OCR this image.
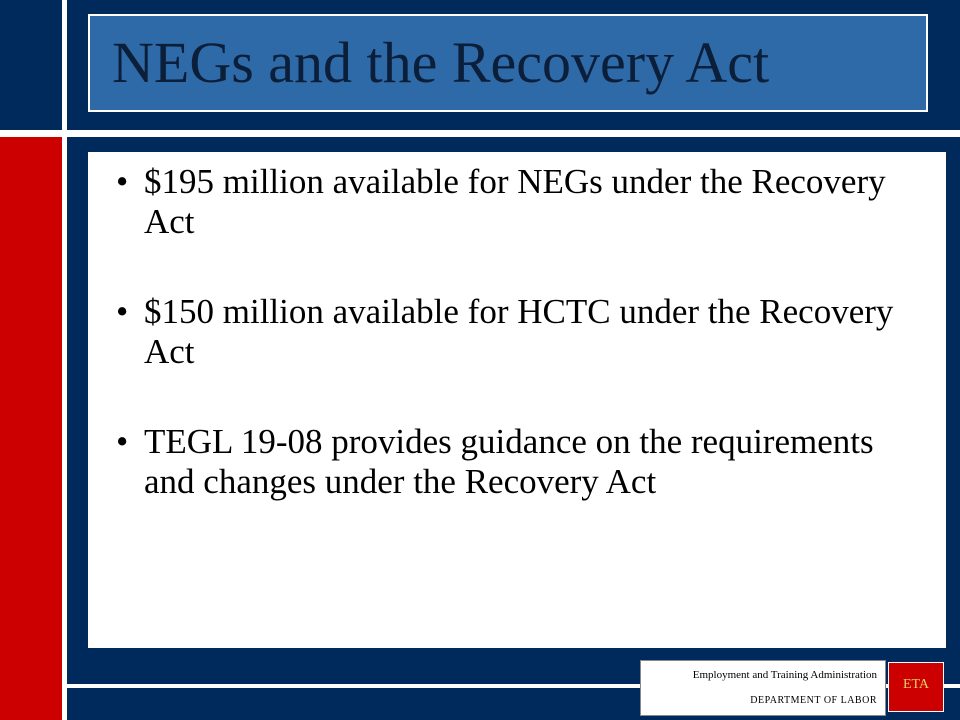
NEGs and the Recovery Act
• $195 million available for NEGs under the Recovery Act
• $150 million available for HCTC under the Recovery Act
• TEGL 19-08 provides guidance on the requirements and changes under the Recovery Act
Employment and Training Administration
DEPARTMENT OF LABOR
ETA
